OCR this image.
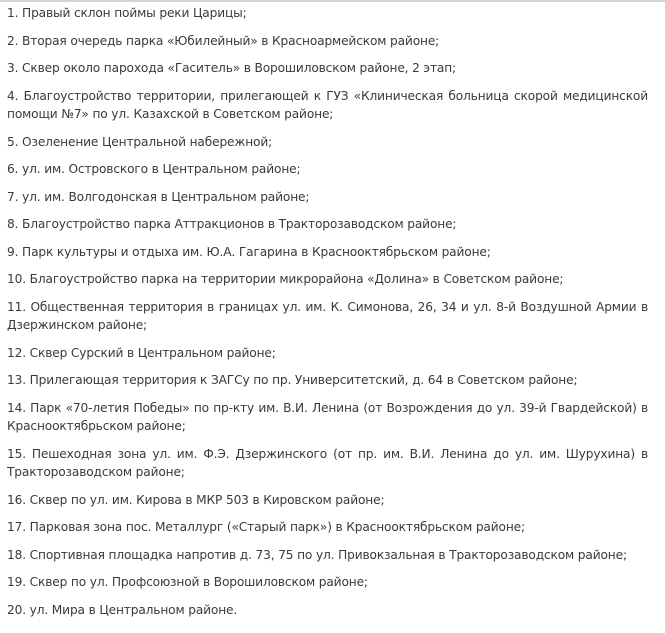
1. Правый склон поймы реки Царицы;
2. Вторая очередь парка «Юбилейный» в Красноармейском районе;
3. Сквер около парохода «Гаситель» в Ворошиловском районе, 2 этап;
4. Благоустройство территории, прилегающей к ГУЗ «Клиническая больница скорой медицинской помощи №7» по ул. Казахской в Советском районе;
5. Озеленение Центральной набережной;
6. ул. им. Островского в Центральном районе;
7. ул. им. Волгодонская в Центральном районе;
8. Благоустройство парка Аттракционов в Тракторозаводском районе;
9. Парк культуры и отдыха им. Ю.А. Гагарина в Краснооктябрьском районе;
10. Благоустройство парка на территории микрорайона «Долина» в Советском районе;
11. Общественная территория в границах ул. им. К. Симонова, 26, 34 и ул. 8-й Воздушной Армии в Дзержинском районе;
12. Сквер Сурский в Центральном районе;
13. Прилегающая территория к ЗАГСу по пр. Университетский, д. 64 в Советском районе;
14. Парк «70-летия Победы» по пр-кту им. В.И. Ленина (от Возрождения до ул. 39-й Гвардейской) в Краснооктябрьском районе;
15. Пешеходная зона ул. им. Ф.Э. Дзержинского (от пр. им. В.И. Ленина до ул. им. Шурухина) в Тракторозаводском районе;
16. Сквер по ул. им. Кирова в МКР 503 в Кировском районе;
17. Парковая зона пос. Металлург («Старый парк») в Краснооктябрьском районе;
18. Спортивная площадка напротив д. 73, 75 по ул. Привокзальная в Тракторозаводском районе;
19. Сквер по ул. Профсоюзной в Ворошиловском районе;
20. ул. Мира в Центральном районе.
